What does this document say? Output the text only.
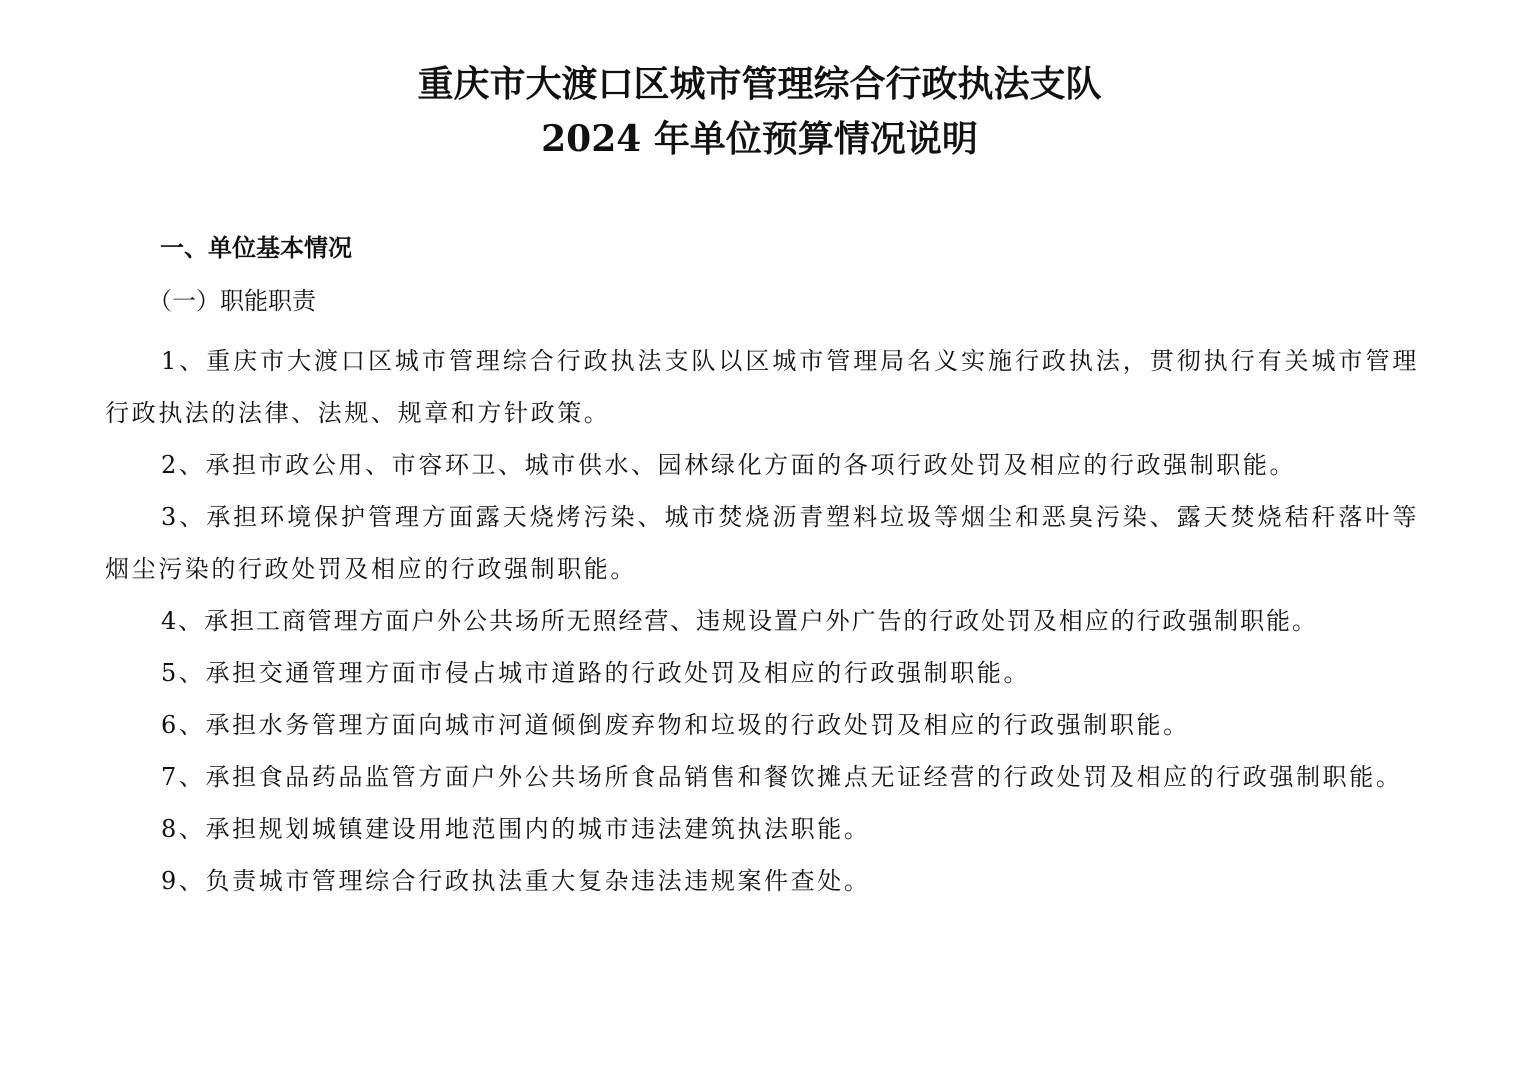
重庆市大渡口区城市管理综合行政执法支队
2024 年单位预算情况说明
一、单位基本情况
（一）职能职责

1、重庆市大渡口区城市管理综合行政执法支队以区城市管理局名义实施行政执法，贯彻执行有关城市管理行政执法的法律、法规、规章和方针政策。

2、承担市政公用、市容环卫、城市供水、园林绿化方面的各项行政处罚及相应的行政强制职能。

3、承担环境保护管理方面露天烧烤污染、城市焚烧沥青塑料垃圾等烟尘和恶臭污染、露天焚烧秸秆落叶等烟尘污染的行政处罚及相应的行政强制职能。

4、承担工商管理方面户外公共场所无照经营、违规设置户外广告的行政处罚及相应的行政强制职能。

5、承担交通管理方面市侵占城市道路的行政处罚及相应的行政强制职能。

6、承担水务管理方面向城市河道倾倒废弃物和垃圾的行政处罚及相应的行政强制职能。

7、承担食品药品监管方面户外公共场所食品销售和餐饮摊点无证经营的行政处罚及相应的行政强制职能。

8、承担规划城镇建设用地范围内的城市违法建筑执法职能。

9、负责城市管理综合行政执法重大复杂违法违规案件查处。
